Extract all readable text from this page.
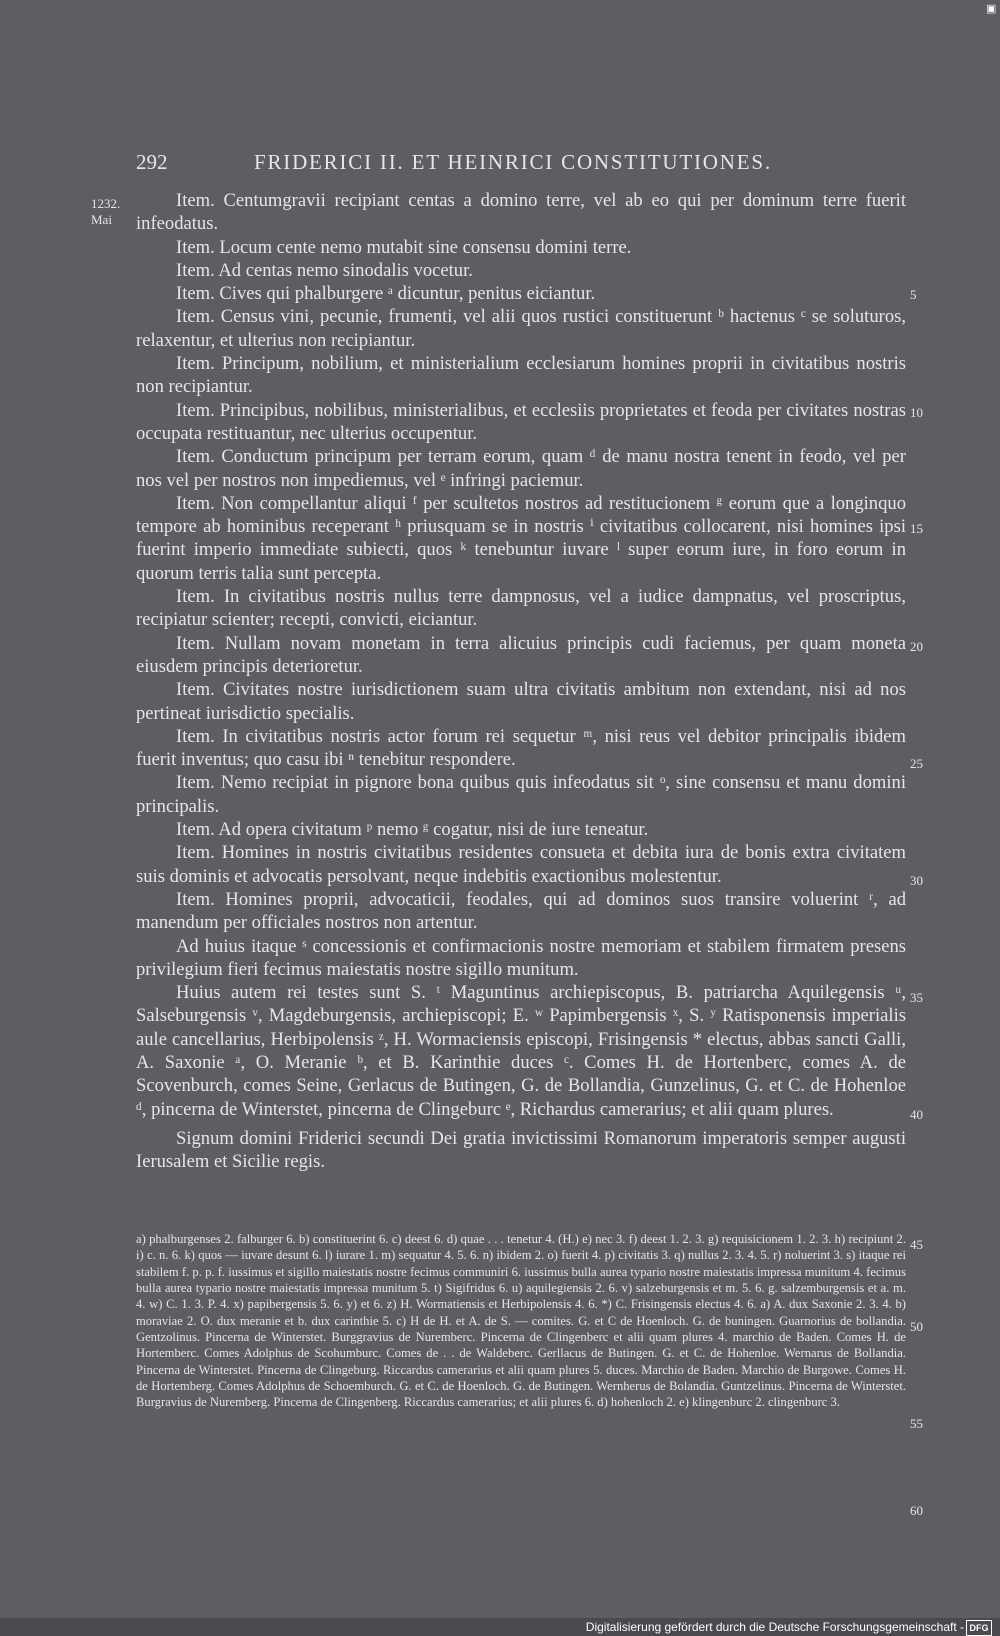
▣
292	FRIDERICI II. ET HEINRICI CONSTITUTIONES.
1232.
Mai

Item. Centumgravii recipiant centas a domino terre, vel ab eo qui per dominum terre fuerit infeodatus.

Item. Locum cente nemo mutabit sine consensu domini terre.

Item. Ad centas nemo sinodalis vocetur.

Item. Cives qui phalburgere ᵃ dicuntur, penitus eiciantur.

Item. Census vini, pecunie, frumenti, vel alii quos rustici constituerunt ᵇ hactenus ᶜ se soluturos, relaxentur, et ulterius non recipiantur.

Item. Principum, nobilium, et ministerialium ecclesiarum homines proprii in civitatibus nostris non recipiantur.

Item. Principibus, nobilibus, ministerialibus, et ecclesiis proprietates et feoda per civitates nostras occupata restituantur, nec ulterius occupentur.

Item. Conductum principum per terram eorum, quam ᵈ de manu nostra tenent in feodo, vel per nos vel per nostros non impediemus, vel ᵉ infringi paciemur.

Item. Non compellantur aliqui ᶠ per scultetos nostros ad restitucionem ᵍ eorum que a longinquo tempore ab hominibus receperant ʰ priusquam se in nostris ⁱ civitatibus collocarent, nisi homines ipsi fuerint imperio immediate subiecti, quos ᵏ tenebuntur iuvare ˡ super eorum iure, in foro eorum in quorum terris talia sunt percepta.

Item. In civitatibus nostris nullus terre dampnosus, vel a iudice dampnatus, vel proscriptus, recipiatur scienter; recepti, convicti, eiciantur.

Item. Nullam novam monetam in terra alicuius principis cudi faciemus, per quam moneta eiusdem principis deterioretur.

Item. Civitates nostre iurisdictionem suam ultra civitatis ambitum non extendant, nisi ad nos pertineat iurisdictio specialis.

Item. In civitatibus nostris actor forum rei sequetur ᵐ, nisi reus vel debitor principalis ibidem fuerit inventus; quo casu ibi ⁿ tenebitur respondere.

Item. Nemo recipiat in pignore bona quibus quis infeodatus sit ᵒ, sine consensu et manu domini principalis.

Item. Ad opera civitatum ᵖ nemo ᵍ cogatur, nisi de iure teneatur.

Item. Homines in nostris civitatibus residentes consueta et debita iura de bonis extra civitatem suis dominis et advocatis persolvant, neque indebitis exactionibus molestentur.

Item. Homines proprii, advocaticii, feodales, qui ad dominos suos transire voluerint ʳ, ad manendum per officiales nostros non artentur.

Ad huius itaque ˢ concessionis et confirmacionis nostre memoriam et stabilem firmatem presens privilegium fieri fecimus maiestatis nostre sigillo munitum.

Huius autem rei testes sunt S. ᵗ Maguntinus archiepiscopus, B. patriarcha Aquilegensis ᵘ, Salseburgensis ᵛ, Magdeburgensis, archiepiscopi; E. ʷ Papimbergensis ˣ, S. ʸ Ratisponensis imperialis aule cancellarius, Herbipolensis ᶻ, H. Wormaciensis episcopi, Frisingensis * electus, abbas sancti Galli, A. Saxonie ᵃ, O. Meranie ᵇ, et B. Karinthie duces ᶜ. Comes H. de Hortenberc, comes A. de Scovenburch, comes Seine, Gerlacus de Butingen, G. de Bollandia, Gunzelinus, G. et C. de Hohenloe ᵈ, pincerna de Winterstet, pincerna de Clingeburc ᵉ, Richardus camerarius; et alii quam plures.

Signum domini Friderici secundi Dei gratia invictissimi Romanorum imperatoris semper augusti Ierusalem et Sicilie regis.

5
10
15
20
25
30
35
40
45
50
55
60

a) phalburgenses 2. falburger 6. b) constituerint 6. c) deest 6. d) quae . . . tenetur 4. (H.) e) nec 3. f) deest 1. 2. 3. g) requisicionem 1. 2. 3. h) recipiunt 2. i) c. n. 6. k) quos — iuvare desunt 6. l) iurare 1. m) sequatur 4. 5. 6. n) ibidem 2. o) fuerit 4. p) civitatis 3. q) nullus 2. 3. 4. 5. r) noluerint 3. s) itaque rei stabilem f. p. p. f. iussimus et sigillo maiestatis nostre fecimus communiri 6. iussimus bulla aurea typario nostre maiestatis impressa munitum 4. fecimus bulla aurea typario nostre maiestatis impressa munitum 5. t) Sigifridus 6. u) aquilegiensis 2. 6. v) salzeburgensis et m. 5. 6. g. salzemburgensis et a. m. 4. w) C. 1. 3. P. 4. x) papibergensis 5. 6. y) et 6. z) H. Wormatiensis et Herbipolensis 4. 6. *) C. Frisingensis electus 4. 6. a) A. dux Saxonie 2. 3. 4. b) moraviae 2. O. dux meranie et b. dux carinthie 5. c) H de H. et A. de S. — comites. G. et C de Hoenloch. G. de buningen. Guarnorius de bollandia. Gentzolinus. Pincerna de Winterstet. Burggravius de Nuremberc. Pincerna de Clingenberc et alii quam plures 4. marchio de Baden. Comes H. de Hortemberc. Comes Adolphus de Scohumburc. Comes de . . de Waldeberc. Gerllacus de Butingen. G. et C. de Hohenloe. Wernarus de Bollandia. Pincerna de Winterstet. Pincerna de Clingeburg. Riccardus camerarius et alii quam plures 5. duces. Marchio de Baden. Marchio de Burgowe. Comes H. de Hortemberg. Comes Adolphus de Schoemburch. G. et C. de Hoenloch. G. de Butingen. Wernherus de Bolandia. Guntzelinus. Pincerna de Winterstet. Burgravius de Nuremberg. Pincerna de Clingenberg. Riccardus camerarius; et alii plures 6. d) hohenloch 2. e) klingenburc 2. clingenburc 3.

Digitalisierung gefördert durch die Deutsche Forschungsgemeinschaft - DFG
